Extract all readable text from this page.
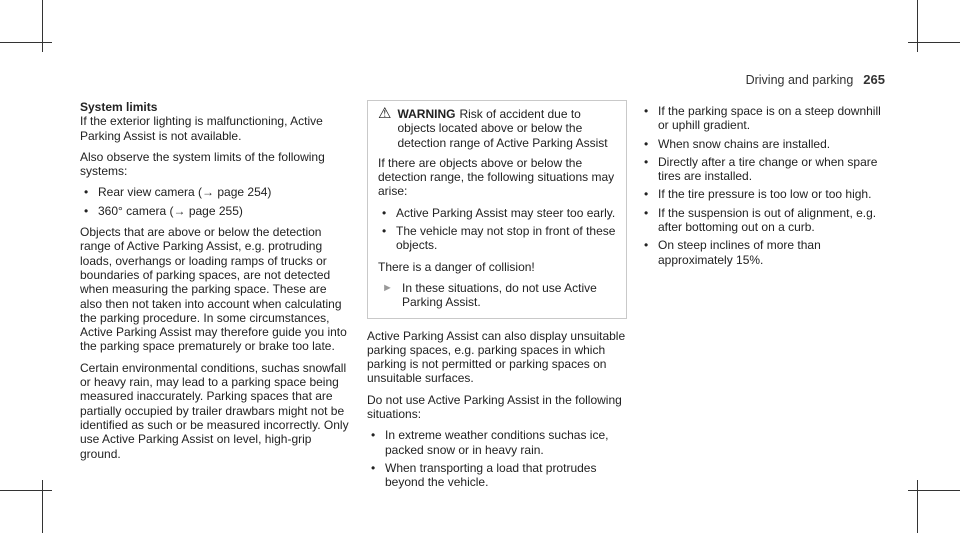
Driving and parking 265
System limits

If the exterior lighting is malfunctioning, Active Parking Assist is not available.

Also observe the system limits of the following systems:

• Rear view camera (→ page 254)
• 360° camera (→ page 255)

Objects that are above or below the detection range of Active Parking Assist, e.g. protruding loads, overhangs or loading ramps of trucks or boundaries of parking spaces, are not detected when measuring the parking space. These are also then not taken into account when calculating the parking procedure. In some circumstances, Active Parking Assist may therefore guide you into the parking space prematurely or brake too late.

Certain environmental conditions, suchas snowfall or heavy rain, may lead to a parking space being measured inaccurately. Parking spaces that are partially occupied by trailer drawbars might not be identified as such or be measured incorrectly. Only use Active Parking Assist on level, high-grip ground.

⚠ WARNING Risk of accident due to objects located above or below the detection range of Active Parking Assist

If there are objects above or below the detection range, the following situations may arise:

• Active Parking Assist may steer too early.
• The vehicle may not stop in front of these objects.

There is a danger of collision!

► In these situations, do not use Active Parking Assist.

Active Parking Assist can also display unsuitable parking spaces, e.g. parking spaces in which parking is not permitted or parking spaces on unsuitable surfaces.

Do not use Active Parking Assist in the following situations:

• In extreme weather conditions suchas ice, packed snow or in heavy rain.
• When transporting a load that protrudes beyond the vehicle.
• If the parking space is on a steep downhill or uphill gradient.
• When snow chains are installed.
• Directly after a tire change or when spare tires are installed.
• If the tire pressure is too low or too high.
• If the suspension is out of alignment, e.g. after bottoming out on a curb.
• On steep inclines of more than approximately 15%.
